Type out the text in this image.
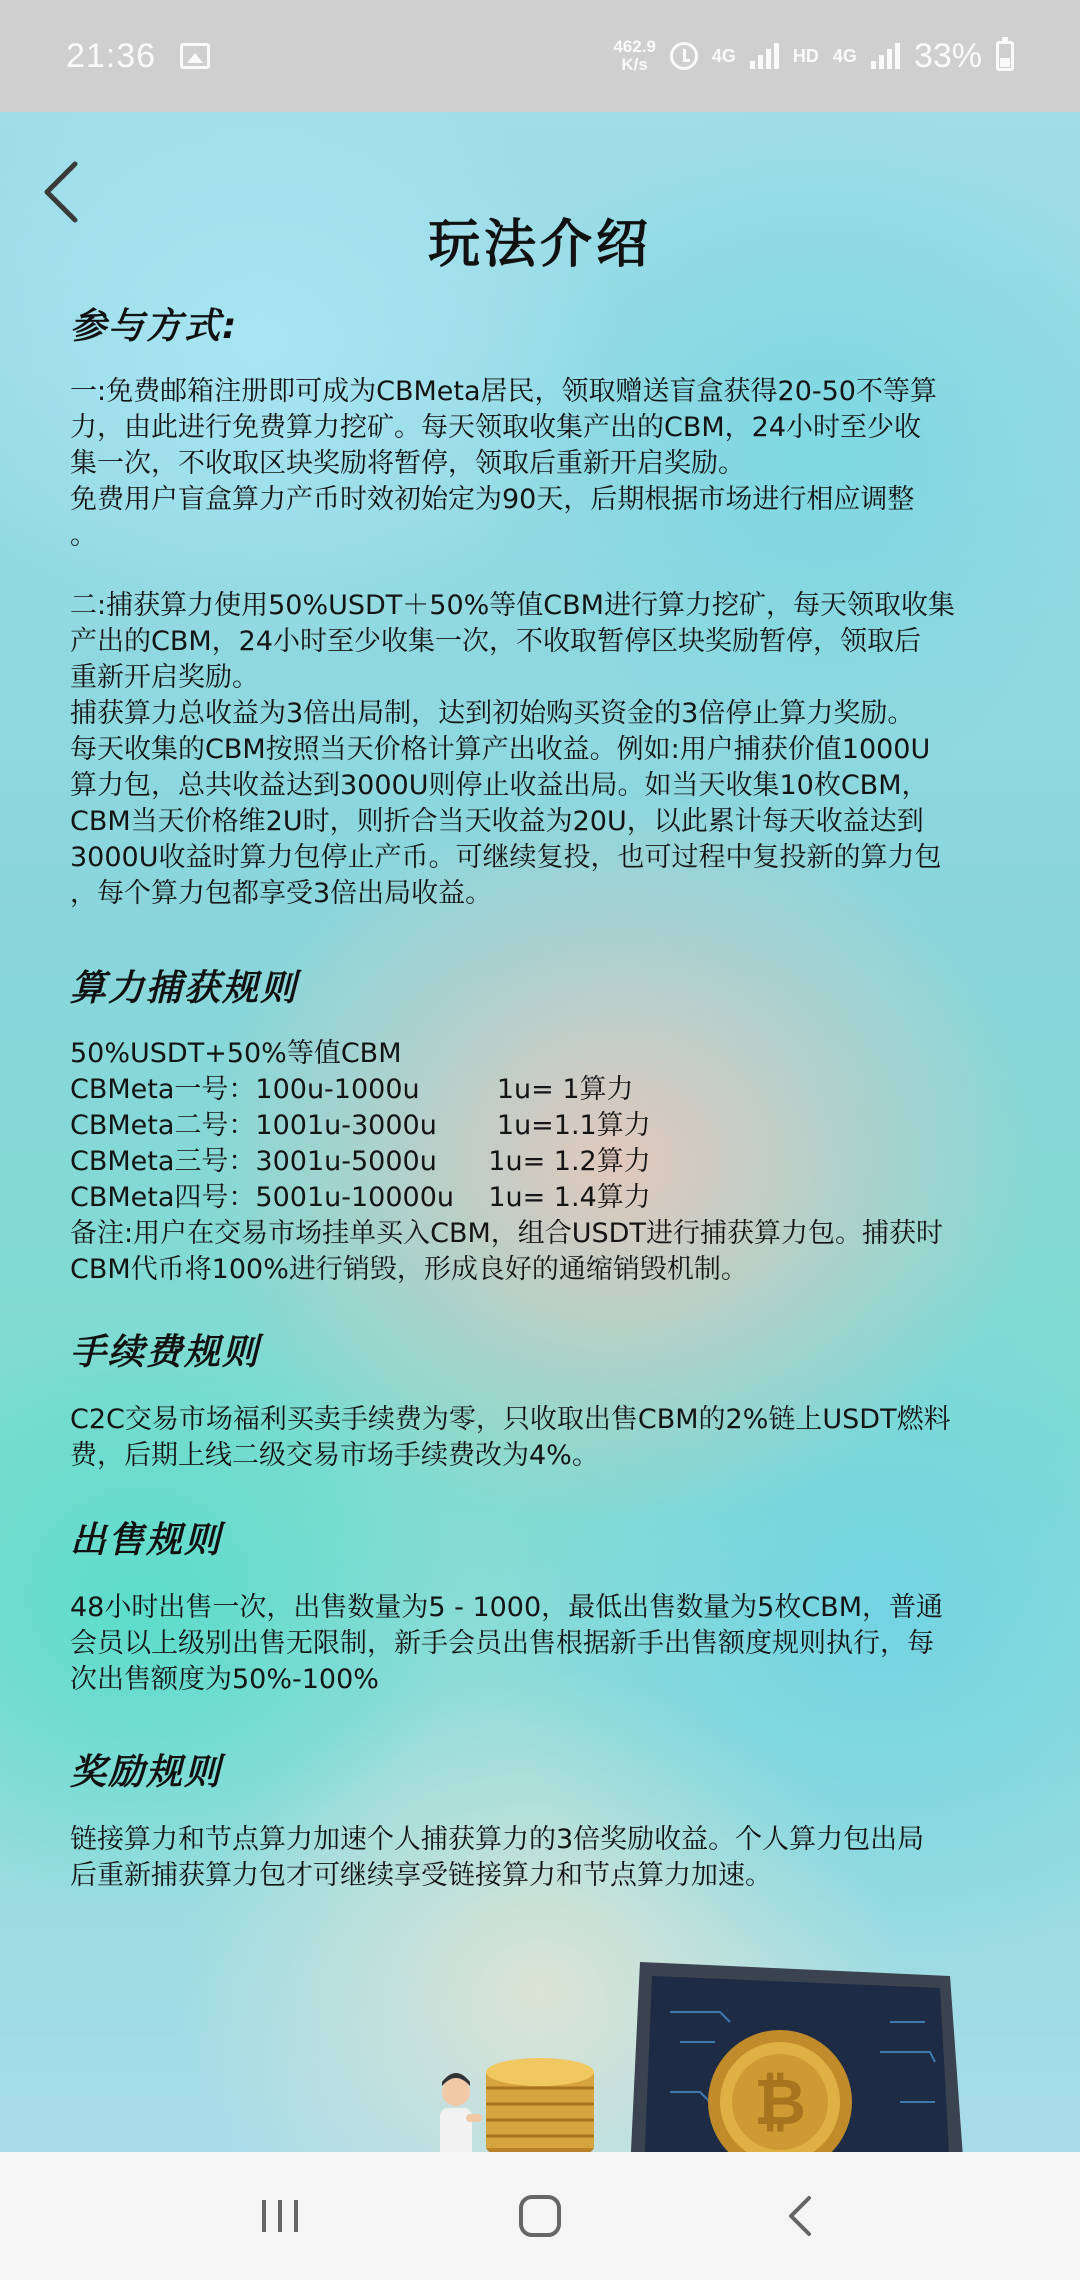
21:36	462.9
K/s	4G	HD 4G 33%
玩法介绍
参与方式:

一:免费邮箱注册即可成为CBMeta居民，领取赠送盲盒获得20-50不等算

力，由此进行免费算力挖矿。每天领取收集产出的CBM，24小时至少收

集一次，不收取区块奖励将暂停，领取后重新开启奖励。

免费用户盲盒算力产币时效初始定为90天，后期根据市场进行相应调整

。

二:捕获算力使用50%USDT＋50%等值CBM进行算力挖矿，每天领取收集

产出的CBM，24小时至少收集一次，不收取暂停区块奖励暂停，领取后

重新开启奖励。

捕获算力总收益为3倍出局制，达到初始购买资金的3倍停止算力奖励。

每天收集的CBM按照当天价格计算产出收益。例如:用户捕获价值1000U

算力包，总共收益达到3000U则停止收益出局。如当天收集10枚CBM，

CBM当天价格维2U时，则折合当天收益为20U，以此累计每天收益达到

3000U收益时算力包停止产币。可继续复投，也可过程中复投新的算力包

，每个算力包都享受3倍出局收益。

算力捕获规则

50%USDT+50%等值CBM

CBMeta一号：100u-1000u         1u= 1算力

CBMeta二号：1001u-3000u       1u=1.1算力

CBMeta三号：3001u-5000u      1u= 1.2算力

CBMeta四号：5001u-10000u    1u= 1.4算力

备注:用户在交易市场挂单买入CBM，组合USDT进行捕获算力包。捕获时

CBM代币将100%进行销毁，形成良好的通缩销毁机制。

手续费规则

C2C交易市场福利买卖手续费为零，只收取出售CBM的2%链上USDT燃料

费，后期上线二级交易市场手续费改为4%。

出售规则

48小时出售一次，出售数量为5 - 1000，最低出售数量为5枚CBM，普通

会员以上级别出售无限制，新手会员出售根据新手出售额度规则执行，每

次出售额度为50%-100%

奖励规则

链接算力和节点算力加速个人捕获算力的3倍奖励收益。个人算力包出局

后重新捕获算力包才可继续享受链接算力和节点算力加速。

₿
